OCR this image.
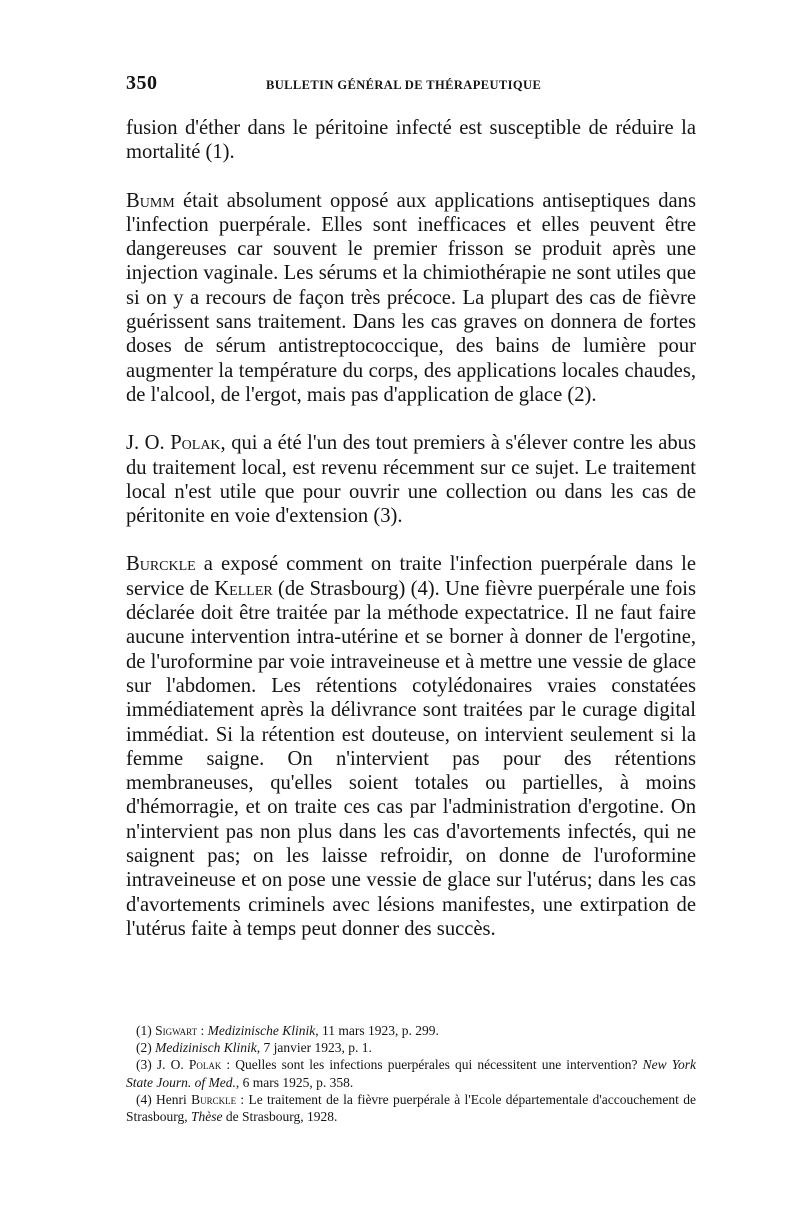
350	BULLETIN GÉNÉRAL DE THÉRAPEUTIQUE

fusion d'éther dans le péritoine infecté est susceptible de réduire la mortalité (1).

Bumm était absolument opposé aux applications antiseptiques dans l'infection puerpérale. Elles sont inefficaces et elles peuvent être dangereuses car souvent le premier frisson se produit après une injection vaginale. Les sérums et la chimiothérapie ne sont utiles que si on y a recours de façon très précoce. La plupart des cas de fièvre guérissent sans traitement. Dans les cas graves on donnera de fortes doses de sérum antistreptococcique, des bains de lumière pour augmenter la température du corps, des applications locales chaudes, de l'alcool, de l'ergot, mais pas d'application de glace (2).

J. O. Polak, qui a été l'un des tout premiers à s'élever contre les abus du traitement local, est revenu récemment sur ce sujet. Le traitement local n'est utile que pour ouvrir une collection ou dans les cas de péritonite en voie d'extension (3).

Burckle a exposé comment on traite l'infection puerpérale dans le service de Keller (de Strasbourg) (4). Une fièvre puerpérale une fois déclarée doit être traitée par la méthode expectatrice. Il ne faut faire aucune intervention intra-utérine et se borner à donner de l'ergotine, de l'uroformine par voie intraveineuse et à mettre une vessie de glace sur l'abdomen. Les rétentions cotylédonaires vraies constatées immédiatement après la délivrance sont traitées par le curage digital immédiat. Si la rétention est douteuse, on intervient seulement si la femme saigne. On n'intervient pas pour des rétentions membraneuses, qu'elles soient totales ou partielles, à moins d'hémorragie, et on traite ces cas par l'administration d'ergotine. On n'intervient pas non plus dans les cas d'avortements infectés, qui ne saignent pas; on les laisse refroidir, on donne de l'uroformine intraveineuse et on pose une vessie de glace sur l'utérus; dans les cas d'avortements criminels avec lésions manifestes, une extirpation de l'utérus faite à temps peut donner des succès.

(1) Sigwart : Medizinische Klinik, 11 mars 1923, p. 299.

(2) Medizinisch Klinik, 7 janvier 1923, p. 1.

(3) J. O. Polak : Quelles sont les infections puerpérales qui nécessitent une intervention? New York State Journ. of Med., 6 mars 1925, p. 358.

(4) Henri Burckle : Le traitement de la fièvre puerpérale à l'Ecole départementale d'accouchement de Strasbourg, Thèse de Strasbourg, 1928.
